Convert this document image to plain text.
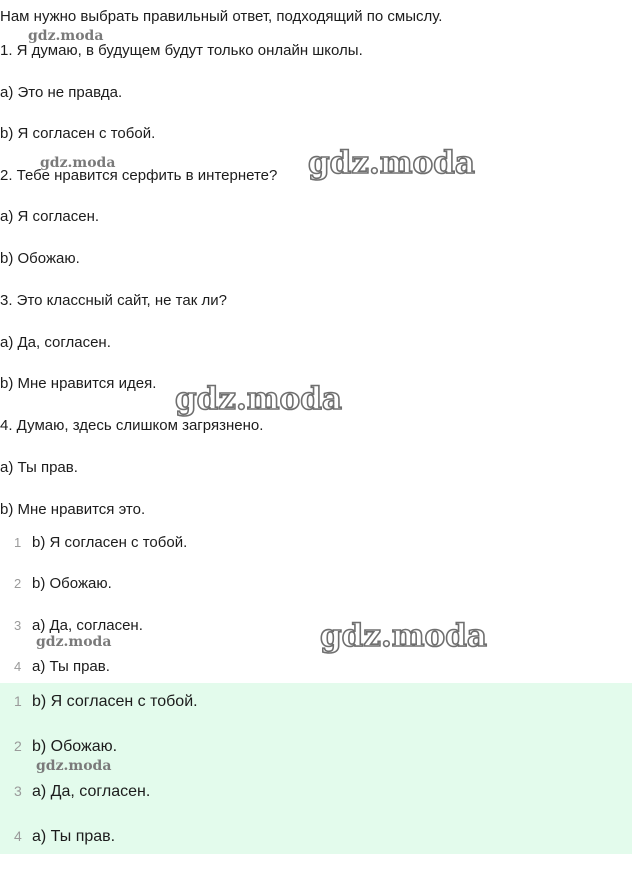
Нам нужно выбрать правильный ответ, подходящий по смыслу.
1. Я думаю, в будущем будут только онлайн школы.
a) Это не правда.
b) Я согласен с тобой.
2. Тебе нравится серфить в интернете?
a) Я согласен.
b) Обожаю.
3. Это классный сайт, не так ли?
a) Да, согласен.
b) Мне нравится идея.
4. Думаю, здесь слишком загрязнено.
a) Ты прав.
b) Мне нравится это.
1 b) Я согласен с тобой.
2 b) Обожаю.
3 a) Да, согласен.
4 a) Ты прав.
1 b) Я согласен с тобой.
2 b) Обожаю.
3 a) Да, согласен.
4 a) Ты прав.
gdz.moda
gdz.moda
gdz.moda
gdz.moda
gdz.moda
gdz.moda
gdz.moda
